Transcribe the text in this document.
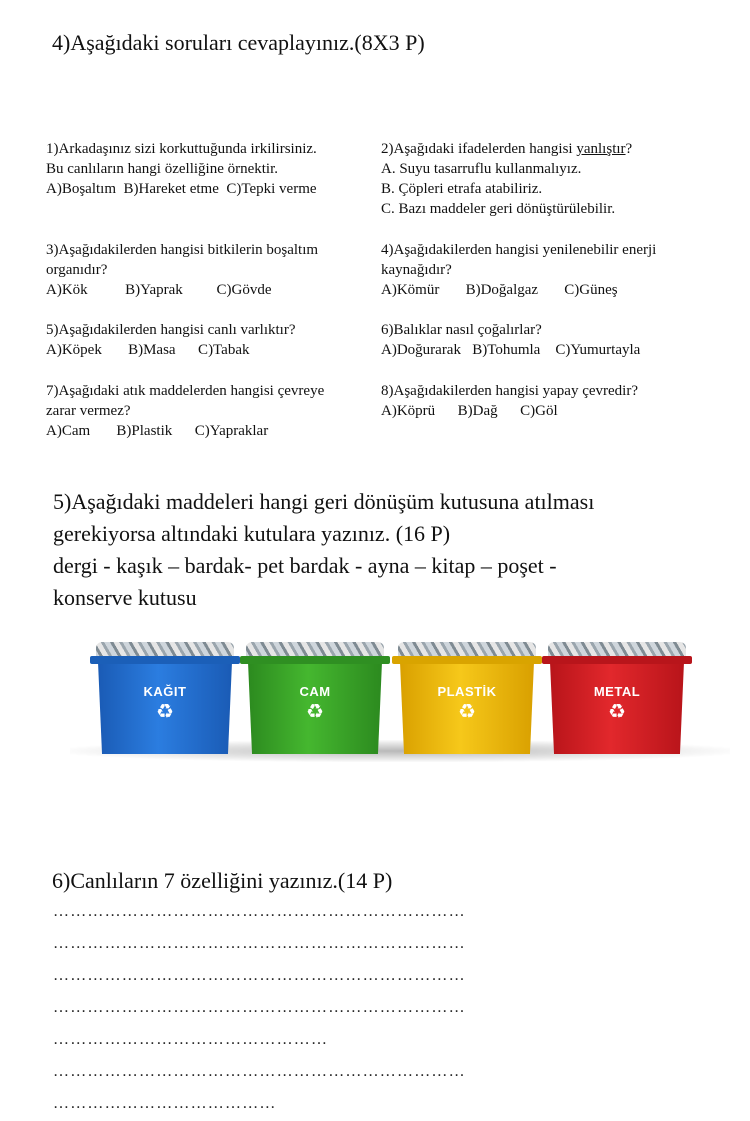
4)Aşağıdaki soruları cevaplayınız.(8X3 P)
1)Arkadaşınız sizi korkuttuğunda irkilirsiniz.
Bu canlıların hangi özelliğine örnektir.
A)Boşaltım  B)Hareket etme  C)Tepki verme
2)Aşağıdaki ifadelerden hangisi yanlıştır?
A. Suyu tasarruflu kullanmalıyız.
B. Çöpleri etrafa atabiliriz.
C. Bazı maddeler geri dönüştürülebilir.
3)Aşağıdakilerden hangisi bitkilerin boşaltım
organıdır?
A)Kök          B)Yaprak         C)Gövde
4)Aşağıdakilerden hangisi yenilenebilir enerji
kaynağıdır?
A)Kömür       B)Doğalgaz       C)Güneş
5)Aşağıdakilerden hangisi canlı varlıktır?
A)Köpek       B)Masa      C)Tabak
6)Balıklar nasıl çoğalırlar?
A)Doğurarak   B)Tohumla    C)Yumurtayla
7)Aşağıdaki atık maddelerden hangisi çevreye
zarar vermez?
A)Cam       B)Plastik      C)Yapraklar
8)Aşağıdakilerden hangisi yapay çevredir?
A)Köprü      B)Dağ      C)Göl
5)Aşağıdaki maddeleri hangi geri dönüşüm kutusuna atılması
gerekiyorsa altındaki kutulara yazınız. (16 P)
dergi - kaşık – bardak- pet bardak - ayna – kitap – poşet -
konserve kutusu
KAĞIT
♻
CAM
♻
PLASTİK
♻
METAL
♻
6)Canlıların 7 özelliğini yazınız.(14 P)
………………………………………………………………
………………………………………………………………
………………………………………………………………
………………………………………………………………
…………………………………………
………………………………………………………………
…………………………………
